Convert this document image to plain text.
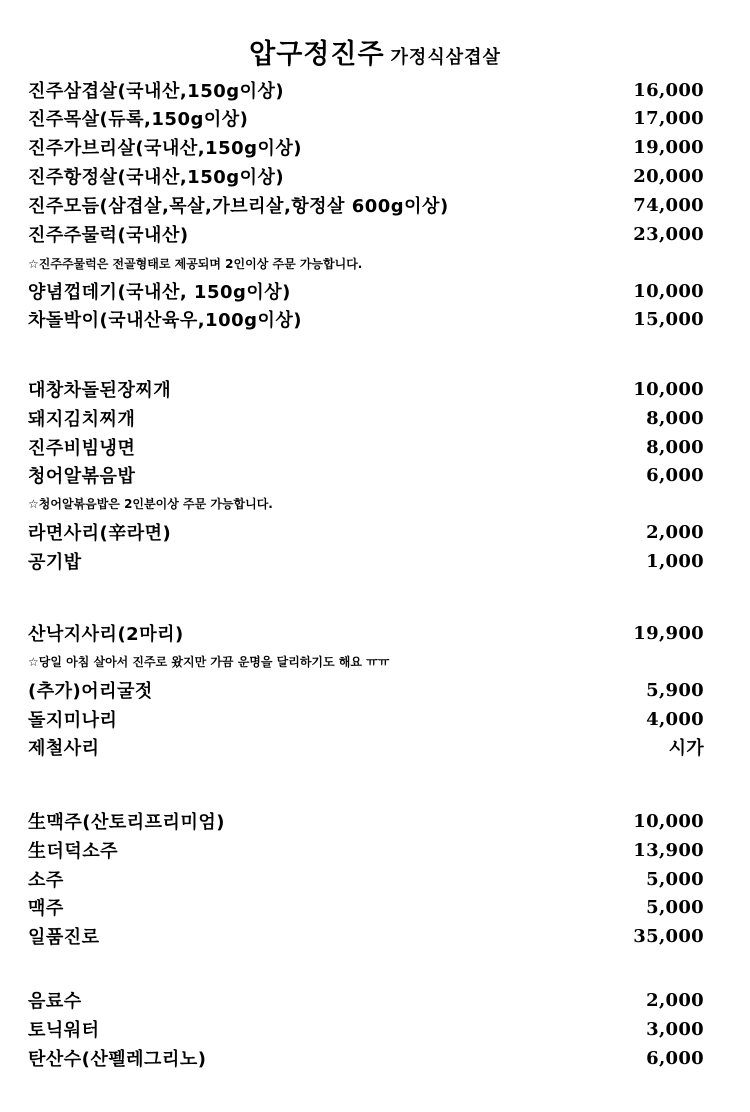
압구정진주 가정식삼겹살
진주삼겹살(국내산,150g이상)	16,000
진주목살(듀록,150g이상)	17,000
진주가브리살(국내산,150g이상)	19,000
진주항정살(국내산,150g이상)	20,000
진주모듬(삼겹살,목살,가브리살,항정살 600g이상)	74,000
진주주물럭(국내산)	23,000
☆진주주물럭은 전골형태로 제공되며 2인이상 주문 가능합니다.
양념껍데기(국내산, 150g이상)	10,000
차돌박이(국내산육우,100g이상)	15,000
대창차돌된장찌개	10,000
돼지김치찌개	8,000
진주비빔냉면	8,000
청어알볶음밥	6,000
☆청어알볶음밥은 2인분이상 주문 가능합니다.
라면사리(辛라면)	2,000
공기밥	1,000
산낙지사리(2마리)	19,900
☆당일 아침 살아서 진주로 왔지만 가끔 운명을 달리하기도 해요 ㅠㅠ
(추가)어리굴젓	5,900
돌지미나리	4,000
제철사리	시가
生맥주(산토리프리미엄)	10,000
生더덕소주	13,900
소주	5,000
맥주	5,000
일품진로	35,000
음료수	2,000
토닉워터	3,000
탄산수(산펠레그리노)	6,000
